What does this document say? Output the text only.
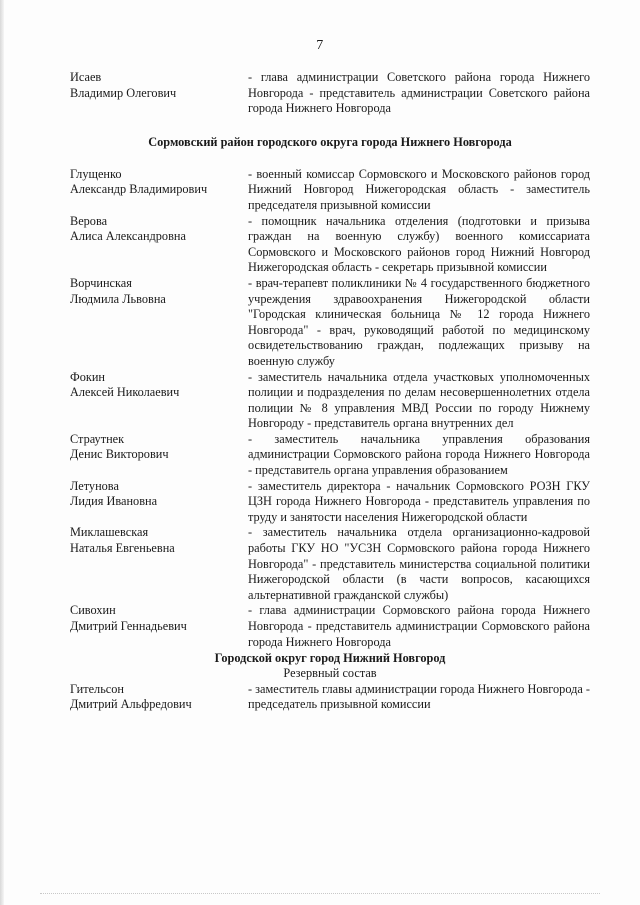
7
Исаев
Владимир Олегович
- глава администрации Советского района города Нижнего Новгорода - представитель администрации Советского района города Нижнего Новгорода
Сормовский район городского округа города Нижнего Новгорода
Глущенко
Александр Владимирович
- военный комиссар Сормовского и Московского районов город Нижний Новгород Нижегородская область - заместитель председателя призывной комиссии
Верова
Алиса Александровна
- помощник начальника отделения (подготовки и призыва граждан на военную службу) военного комиссариата Сормовского и Московского районов город Нижний Новгород Нижегородская область - секретарь призывной комиссии
Ворчинская
Людмила Львовна
- врач-терапевт поликлиники № 4 государственного бюджетного учреждения здравоохранения Нижегородской области "Городская клиническая больница № 12 города Нижнего Новгорода" - врач, руководящий работой по медицинскому освидетельствованию граждан, подлежащих призыву на военную службу
Фокин
Алексей Николаевич
- заместитель начальника отдела участковых уполномоченных полиции и подразделения по делам несовершеннолетних отдела полиции № 8 управления МВД России по городу Нижнему Новгороду - представитель органа внутренних дел
Страутнек
Денис Викторович
- заместитель начальника управления образования администрации Сормовского района города Нижнего Новгорода - представитель органа управления образованием
Летунова
Лидия Ивановна
- заместитель директора - начальник Сормовского РОЗН ГКУ ЦЗН города Нижнего Новгорода - представитель управления по труду и занятости населения Нижегородской области
Миклашевская
Наталья Евгеньевна
- заместитель начальника отдела организационно-кадровой работы ГКУ НО "УСЗН Сормовского района города Нижнего Новгорода" - представитель министерства социальной политики Нижегородской области (в части вопросов, касающихся альтернативной гражданской службы)
Сивохин
Дмитрий Геннадьевич
- глава администрации Сормовского района города Нижнего Новгорода - представитель администрации Сормовского района города Нижнего Новгорода
Городской округ город Нижний Новгород
Резервный состав
Гительсон
Дмитрий Альфредович
- заместитель главы администрации города Нижнего Новгорода - председатель призывной комиссии
